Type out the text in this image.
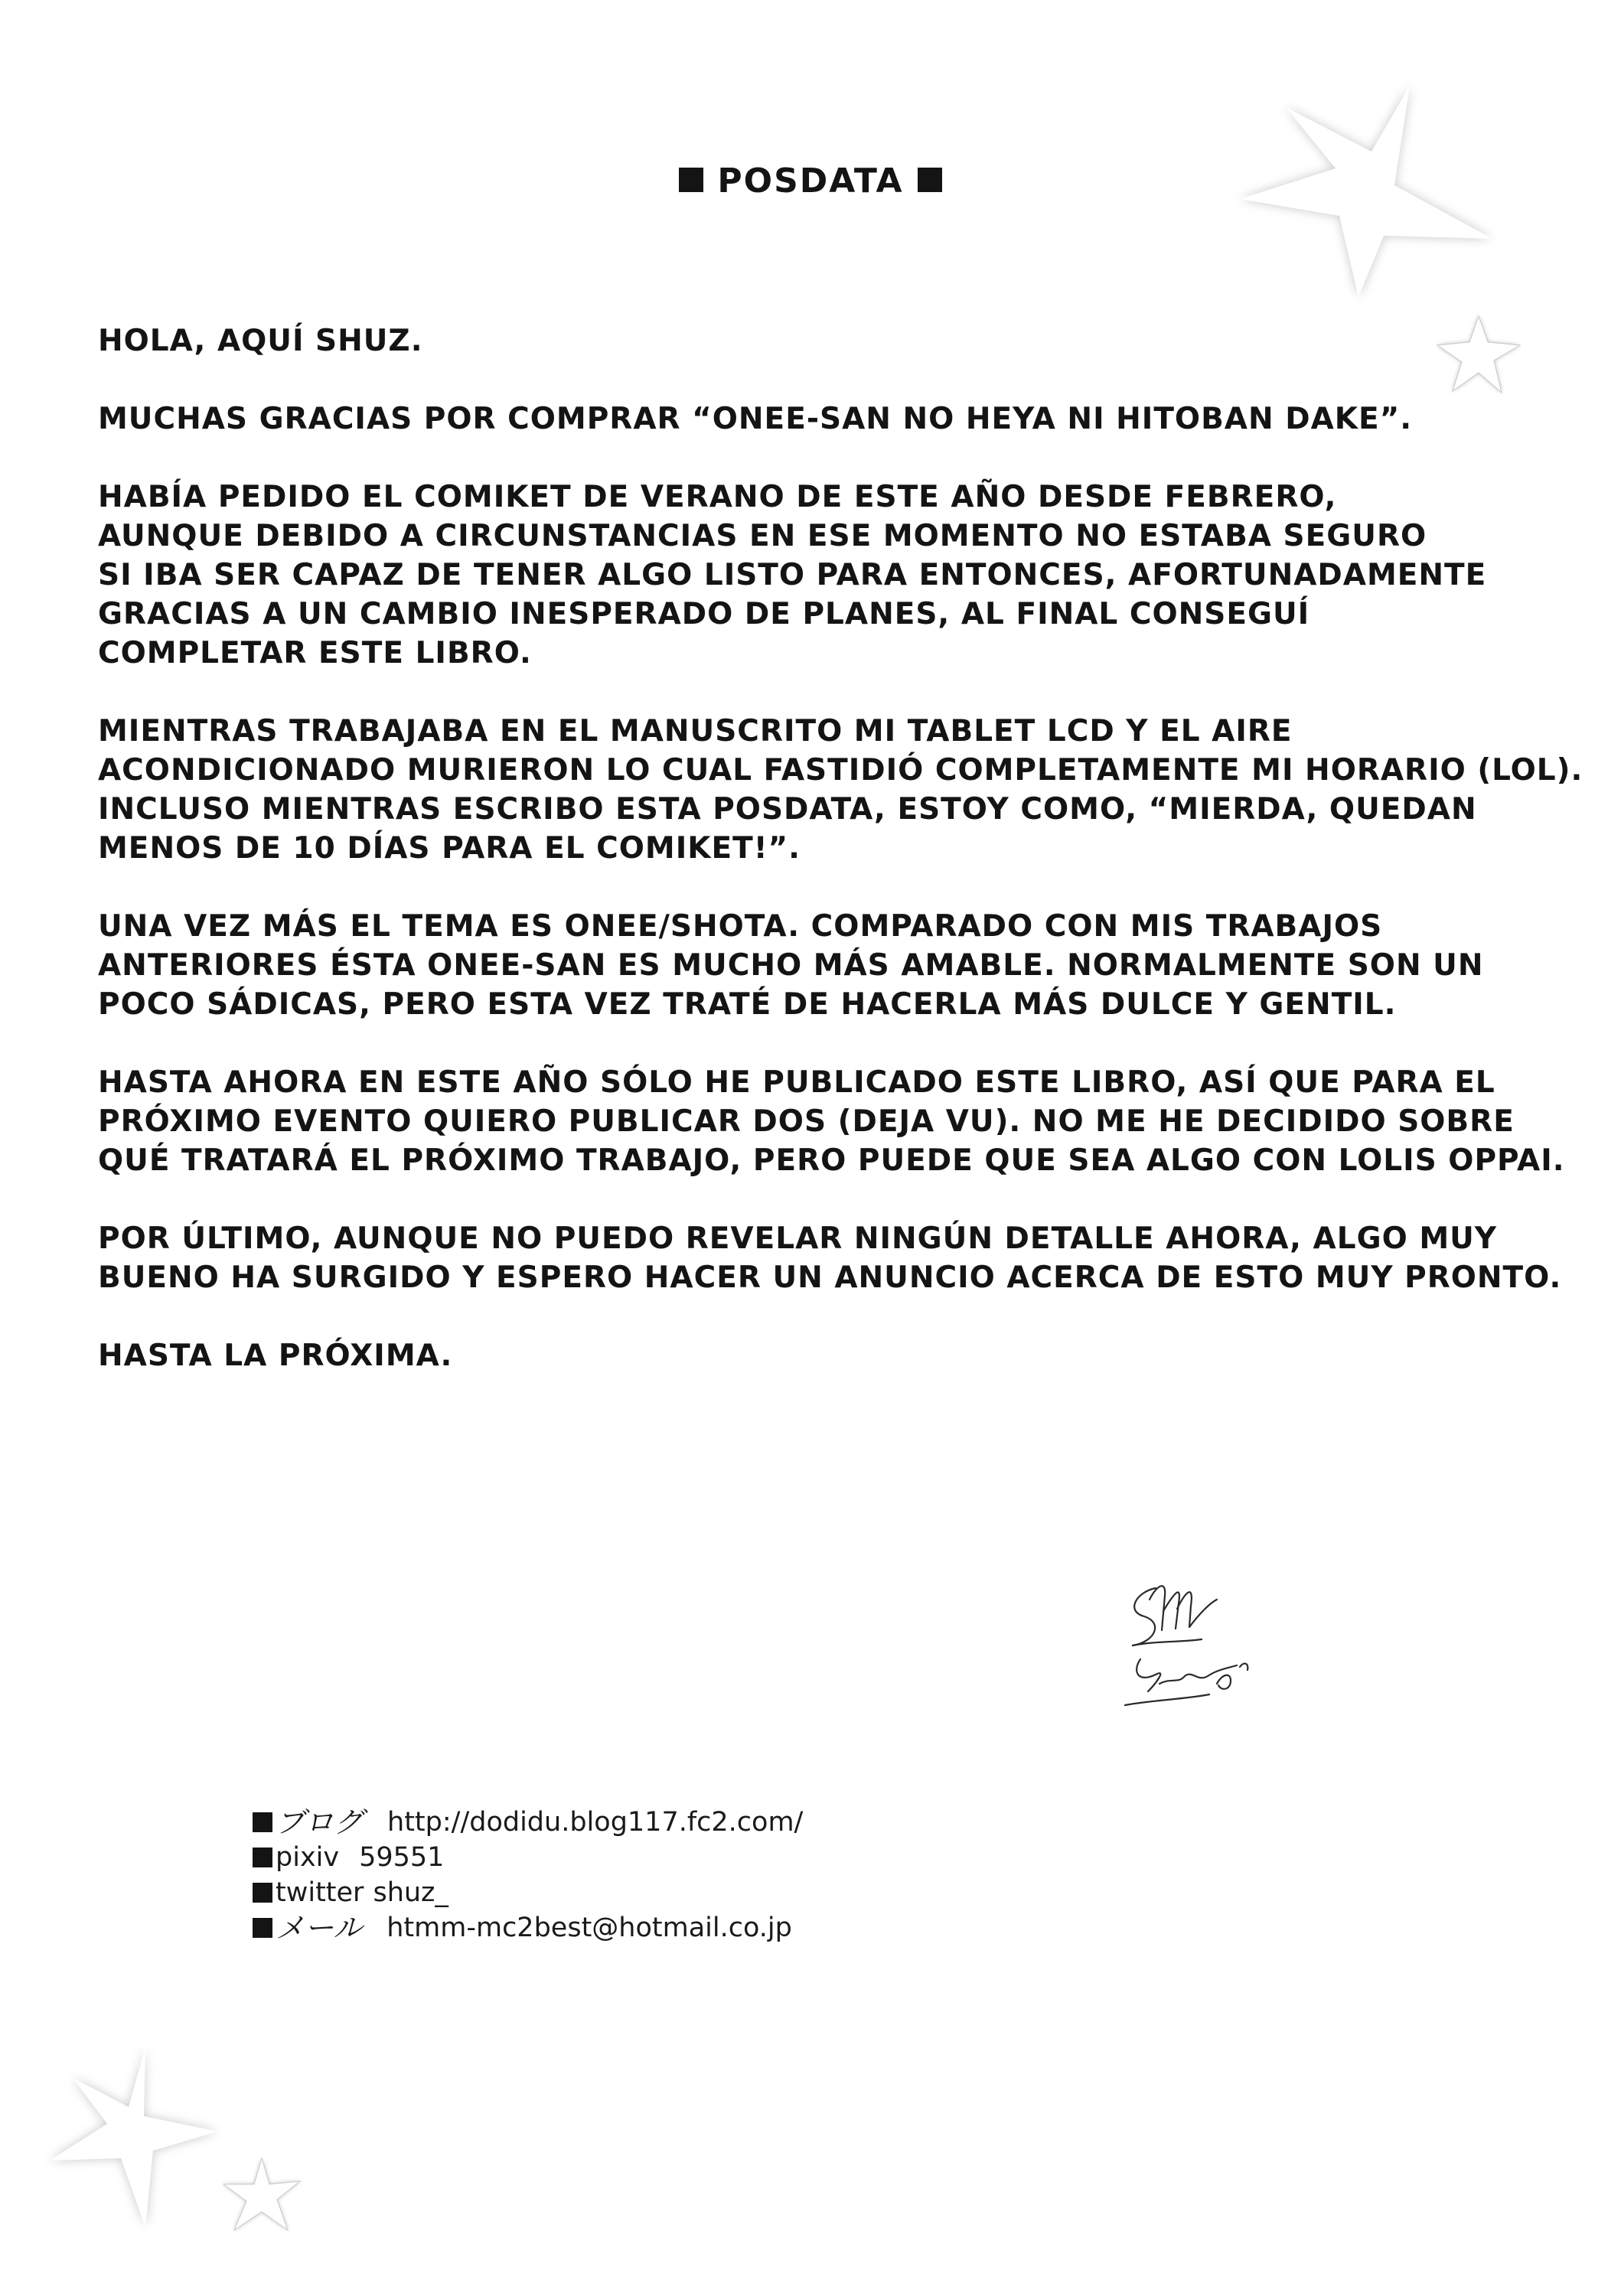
POSDATA

HOLA, AQUÍ SHUZ.

MUCHAS GRACIAS POR COMPRAR “ONEE-SAN NO HEYA NI HITOBAN DAKE”.

HABÍA PEDIDO EL COMIKET DE VERANO DE ESTE AÑO DESDE FEBRERO,
AUNQUE DEBIDO A CIRCUNSTANCIAS EN ESE MOMENTO NO ESTABA SEGURO
SI IBA SER CAPAZ DE TENER ALGO LISTO PARA ENTONCES, AFORTUNADAMENTE
GRACIAS A UN CAMBIO INESPERADO DE PLANES, AL FINAL CONSEGUÍ
COMPLETAR ESTE LIBRO.

MIENTRAS TRABAJABA EN EL MANUSCRITO MI TABLET LCD Y EL AIRE
ACONDICIONADO MURIERON LO CUAL FASTIDIÓ COMPLETAMENTE MI HORARIO (LOL).
INCLUSO MIENTRAS ESCRIBO ESTA POSDATA, ESTOY COMO, “MIERDA, QUEDAN
MENOS DE 10 DÍAS PARA EL COMIKET!”.

UNA VEZ MÁS EL TEMA ES ONEE/SHOTA. COMPARADO CON MIS TRABAJOS
ANTERIORES ÉSTA ONEE-SAN ES MUCHO MÁS AMABLE. NORMALMENTE SON UN
POCO SÁDICAS, PERO ESTA VEZ TRATÉ DE HACERLA MÁS DULCE Y GENTIL.

HASTA AHORA EN ESTE AÑO SÓLO HE PUBLICADO ESTE LIBRO, ASÍ QUE PARA EL
PRÓXIMO EVENTO QUIERO PUBLICAR DOS (DEJA VU). NO ME HE DECIDIDO SOBRE
QUÉ TRATARÁ EL PRÓXIMO TRABAJO, PERO PUEDE QUE SEA ALGO CON LOLIS OPPAI.

POR ÚLTIMO, AUNQUE NO PUEDO REVELAR NINGÚN DETALLE AHORA, ALGO MUY
BUENO HA SURGIDO Y ESPERO HACER UN ANUNCIO ACERCA DE ESTO MUY PRONTO.

HASTA LA PRÓXIMA.

ブログ http://dodidu.blog117.fc2.com/
pixiv 59551
twitter shuz_
メール htmm-mc2best@hotmail.co.jp
